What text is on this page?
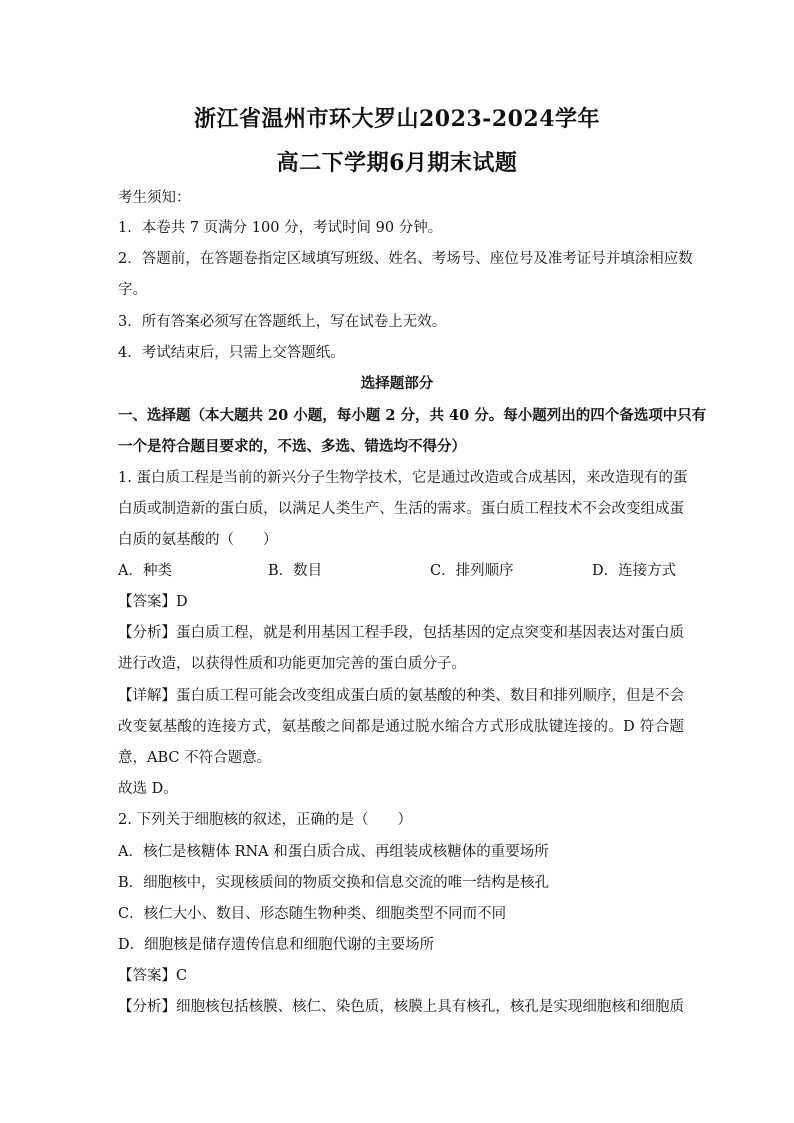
浙江省温州市环大罗山2023-2024学年
高二下学期6月期末试题
考生须知：
1．本卷共 7 页满分 100 分，考试时间 90 分钟。
2．答题前，在答题卷指定区域填写班级、姓名、考场号、座位号及准考证号并填涂相应数
字。
3．所有答案必须写在答题纸上，写在试卷上无效。
4．考试结束后，只需上交答题纸。
选择题部分
一、选择题（本大题共 20 小题，每小题 2 分，共 40 分。每小题列出的四个备选项中只有
一个是符合题目要求的，不选、多选、错选均不得分）
1. 蛋白质工程是当前的新兴分子生物学技术，它是通过改造或合成基因，来改造现有的蛋
白质或制造新的蛋白质，以满足人类生产、生活的需求。蛋白质工程技术不会改变组成蛋
白质的氨基酸的（　　）
A．种类	B．数目	C．排列顺序	D．连接方式
【答案】D
【分析】蛋白质工程，就是利用基因工程手段，包括基因的定点突变和基因表达对蛋白质
进行改造，以获得性质和功能更加完善的蛋白质分子。
【详解】蛋白质工程可能会改变组成蛋白质的氨基酸的种类、数目和排列顺序，但是不会
改变氨基酸的连接方式，氨基酸之间都是通过脱水缩合方式形成肽键连接的。D 符合题
意，ABC 不符合题意。
故选 D。
2. 下列关于细胞核的叙述，正确的是（　　）
A．核仁是核糖体 RNA 和蛋白质合成、再组装成核糖体的重要场所
B．细胞核中，实现核质间的物质交换和信息交流的唯一结构是核孔
C．核仁大小、数目、形态随生物种类、细胞类型不同而不同
D．细胞核是储存遗传信息和细胞代谢的主要场所
【答案】C
【分析】细胞核包括核膜、核仁、染色质，核膜上具有核孔，核孔是实现细胞核和细胞质
